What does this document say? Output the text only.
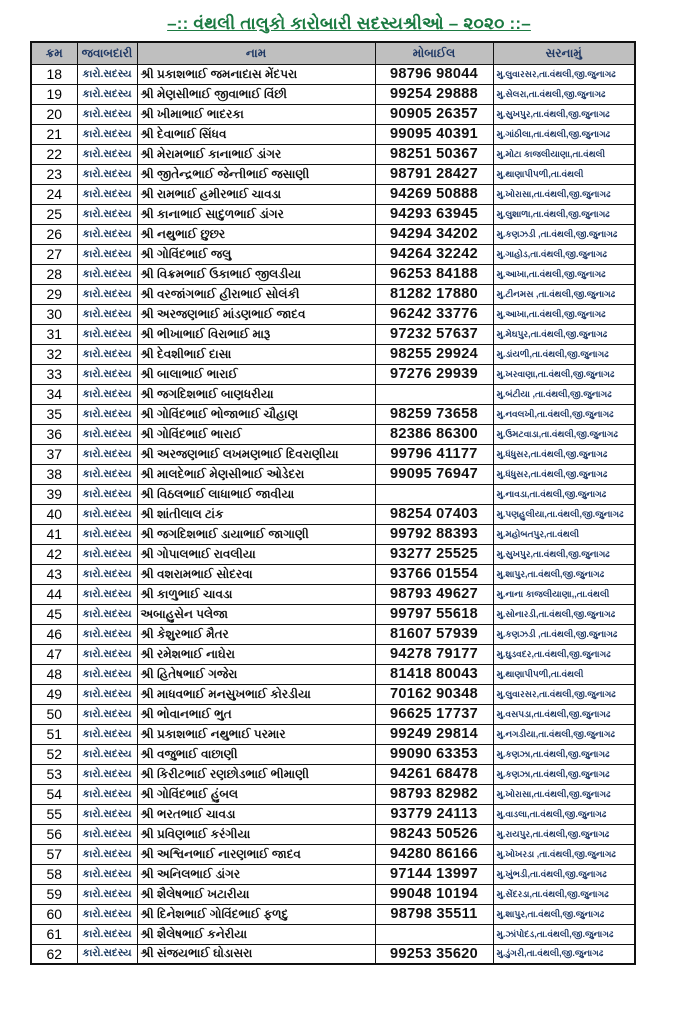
–:: વંથલી તાલુકો કારોબારી સદસ્યશ્રીઓ – ૨૦૨૦ ::–
ક્રમ	જવાબદારી	નામ	મોબાઈલ	સરનામું
18	કારો.સદસ્ય	શ્રી પ્રકાશભાઈ જમનાદાસ મેંદપરા	98796 98044	મુ.લુવારસર,તા.વંથલી,જી.જુનાગઢ
19	કારો.સદસ્ય	શ્રી મેણસીભાઈ જીવાભાઈ વિંછી	99254 29888	મુ.સેલરા,તા.વંથલી,જી.જુનાગઢ
20	કારો.સદસ્ય	શ્રી ખીમાભાઈ ભાદરકા	90905 26357	મુ.સુખપુર,તા.વંથલી,જી.જુનાગઢ
21	કારો.સદસ્ય	શ્રી દેવાભાઈ સિંધવ	99095 40391	મુ.ગાંઠીલા,તા.વંથલી,જી.જુનાગઢ
22	કારો.સદસ્ય	શ્રી મેરામભાઈ કાનાભાઈ ડાંગર	98251 50367	મુ.મોટા કાજલીયાણા,તા.વંથલી
23	કારો.સદસ્ય	શ્રી જીતેન્દ્રભાઈ જેન્તીભાઈ જસાણી	98791 28427	મુ.થાણાપીપળી,તા.વંથલી
24	કારો.સદસ્ય	શ્રી રામભાઈ હમીરભાઈ ચાવડા	94269 50888	મુ.ખોરાસા,તા.વંથલી,જી.જુનાગઢ
25	કારો.સદસ્ય	શ્રી કાનાભાઈ સાદુળભાઈ ડાંગર	94293 63945	મુ.લુશાળા,તા.વંથલી,જી.જુનાગઢ
26	કારો.સદસ્ય	શ્રી નથુભાઈ છુછર	94294 34202	મુ.કણઝડી ,તા.વંથલી,જી.જુનાગઢ
27	કારો.સદસ્ય	શ્રી ગોવિંદભાઈ જલુ	94264 32242	મુ.ગાહોડ,તા.વંથલી,જી.જુનાગઢ
28	કારો.સદસ્ય	શ્રી વિક્રમભાઈ ઉકાભાઈ જીલડીયા	96253 84188	મુ.આખા,તા.વંથલી,જી.જુનાગઢ
29	કારો.સદસ્ય	શ્રી વરજાંગભાઈ હીરાભાઈ સોલંકી	81282 17880	મુ.ટીનમસ ,તા.વંથલી,જી.જુનાગઢ
30	કારો.સદસ્ય	શ્રી અરજણભાઈ માંડણભાઈ જાદવ	96242 33776	મુ.આખા,તા.વંથલી,જી.જુનાગઢ
31	કારો.સદસ્ય	શ્રી ભીખાભાઈ વિરાભાઈ મારૂ	97232 57637	મુ.મેઘપુર,તા.વંથલી,જી.જુનાગઢ
32	કારો.સદસ્ય	શ્રી દેવશીભાઈ દાસા	98255 29924	મુ.ડાંયળી,તા.વંથલી,જી.જુનાગઢ
33	કારો.સદસ્ય	શ્રી બાલાભાઈ ભારાઈ	97276 29939	મુ.ખરવાણા,તા.વંથલી,જી.જુનાગઢ
34	કારો.સદસ્ય	શ્રી જગદિશભાઈ બાણધરીયા		મુ.બંટીયા ,તા.વંથલી,જી.જુનાગઢ
35	કારો.સદસ્ય	શ્રી ગોવિંદભાઈ ભોજાભાઈ ચૌહાણ	98259 73658	મુ.નવલખી,તા.વંથલી,જી.જુનાગઢ
36	કારો.સદસ્ય	શ્રી ગોવિંદભાઈ ભારાઈ	82386 86300	મુ.ઉમટવાડા,તા.વંથલી,જી.જુનાગઢ
37	કારો.સદસ્ય	શ્રી અરજણભાઈ લખમણભાઈ દિવરાણીયા	99796 41177	મુ.ધંધુસર,તા.વંથલી,જી.જુનાગઢ
38	કારો.સદસ્ય	શ્રી માલદેભાઈ મેણસીભાઈ ઓડેદરા	99095 76947	મુ.ધંધુસર,તા.વંથલી,જી.જુનાગઢ
39	કારો.સદસ્ય	શ્રી વિઠલભાઈ લાધાભાઈ જાવીયા		મુ.નાવડા,તા.વંથલી,જી.જુનાગઢ
40	કારો.સદસ્ય	શ્રી શાંતીલાલ ટાંક	98254 07403	મુ.પણહુલીયા,તા.વંથલી,જી.જુનાગઢ
41	કારો.સદસ્ય	શ્રી જગદિશભાઈ ડાયાભાઈ જાગાણી	99792 88393	મુ.મહોબતપુર,તા.વંથલી
42	કારો.સદસ્ય	શ્રી ગોપાલભાઈ રાવલીયા	93277 25525	મુ.સુખપુર,તા.વંથલી,જી.જુનાગઢ
43	કારો.સદસ્ય	શ્રી વશરામભાઈ સોદરવા	93766 01554	મુ.શાપુર,તા.વંથલી,જી.જુનાગઢ
44	કારો.સદસ્ય	શ્રી કાળુભાઈ ચાવડા	98793 49627	મુ.નાના કાજલીયાણા,,તા.વંથલી
45	કારો.સદસ્ય	અબાહુસેન પલેજા	99797 55618	મુ.સોનારડી,તા.વંથલી,જી.જુનાગઢ
46	કારો.સદસ્ય	શ્રી કેશુરભાઈ મૈતર	81607 57939	મુ.કણઝડી ,તા.વંથલી,જી.જુનાગઢ
47	કારો.સદસ્ય	શ્રી રમેશભાઈ નાઘેરા	94278 79177	મુ.ઘુડવદર,તા.વંથલી,જી.જુનાગઢ
48	કારો.સદસ્ય	શ્રી હિતેષભાઈ ગજેરા	81418 80043	મુ.થાણાપીપળી,તા.વંથલી
49	કારો.સદસ્ય	શ્રી માધવભાઈ મનસુખભાઈ કોરડીયા	70162 90348	મુ.લુવારસર,તા.વંથલી,જી.જુનાગઢ
50	કારો.સદસ્ય	શ્રી ભોવાનભાઈ ભુત	96625 17737	મુ.વસપડા,તા.વંથલી,જી.જુનાગઢ
51	કારો.સદસ્ય	શ્રી પ્રકાશભાઈ નથુભાઈ પરમાર	99249 29814	મુ.નગડીયા,તા.વંથલી,જી.જુનાગઢ
52	કારો.સદસ્ય	શ્રી વજુભાઈ વાછાણી	99090 63353	મુ.કણઝા,તા.વંથલી,જી.જુનાગઢ
53	કારો.સદસ્ય	શ્રી કિરીટભાઈ રણછોડભાઈ ભીમાણી	94261 68478	મુ.કણઝા,તા.વંથલી,જી.જુનાગઢ
54	કારો.સદસ્ય	શ્રી ગોવિંદભાઈ હુંબલ	98793 82982	મુ.ખોરાસા,તા.વંથલી,જી.જુનાગઢ
55	કારો.સદસ્ય	શ્રી ભરતભાઈ ચાવડા	93779 24113	મુ.વાડલા,તા.વંથલી,જી.જુનાગઢ
56	કારો.સદસ્ય	શ્રી પ્રવિણભાઈ કરંગીયા	98243 50526	મુ.રાયપુર,તા.વંથલી,જી.જુનાગઢ
57	કારો.સદસ્ય	શ્રી અશ્વિનભાઈ નારણભાઈ જાદવ	94280 86166	મુ.ખોખરડા ,તા.વંથલી,જી.જુનાગઢ
58	કારો.સદસ્ય	શ્રી અનિલભાઈ ડાંગર	97144 13997	મુ.ખુંભડી,તા.વંથલી,જી.જુનાગઢ
59	કારો.સદસ્ય	શ્રી શૈલેષભાઈ ખટારીયા	99048 10194	મુ.સેંદરડા,તા.વંથલી,જી.જુનાગઢ
60	કારો.સદસ્ય	શ્રી દિનેશભાઈ ગોવિંદભાઈ ફળદુ	98798 35511	મુ.શાપુર,તા.વંથલી,જી.જુનાગઢ
61	કારો.સદસ્ય	શ્રી શૈલેષભાઈ કનેરીયા		મુ.ઝાંપોદડ,તા.વંથલી,જી.જુનાગઢ
62	કારો.સદસ્ય	શ્રી સંજયભાઈ ઘોડાસરા	99253 35620	મુ.ડુંગરી,તા.વંથલી,જી.જુનાગઢ
